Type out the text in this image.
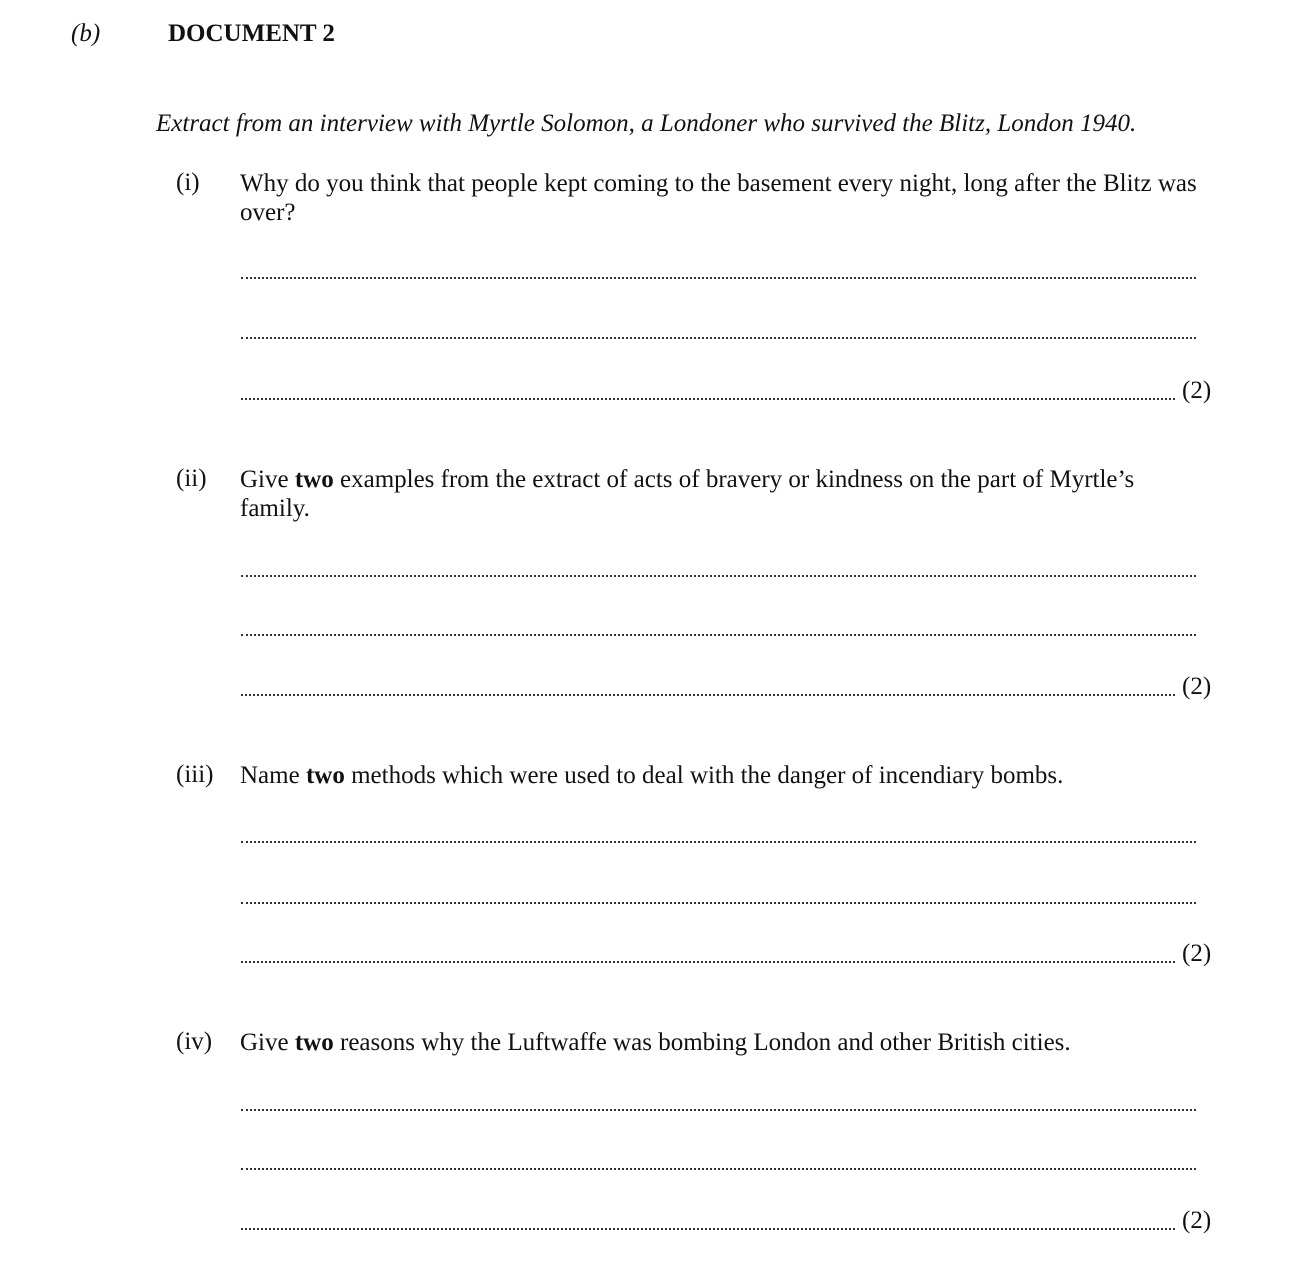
(b)	DOCUMENT 2
Extract from an interview with Myrtle Solomon, a Londoner who survived the Blitz, London 1940.
(i) Why do you think that people kept coming to the basement every night, long after the Blitz was over?
(2)
(ii) Give two examples from the extract of acts of bravery or kindness on the part of Myrtle’s family.
(2)
(iii) Name two methods which were used to deal with the danger of incendiary bombs.
(2)
(iv) Give two reasons why the Luftwaffe was bombing London and other British cities.
(2)
